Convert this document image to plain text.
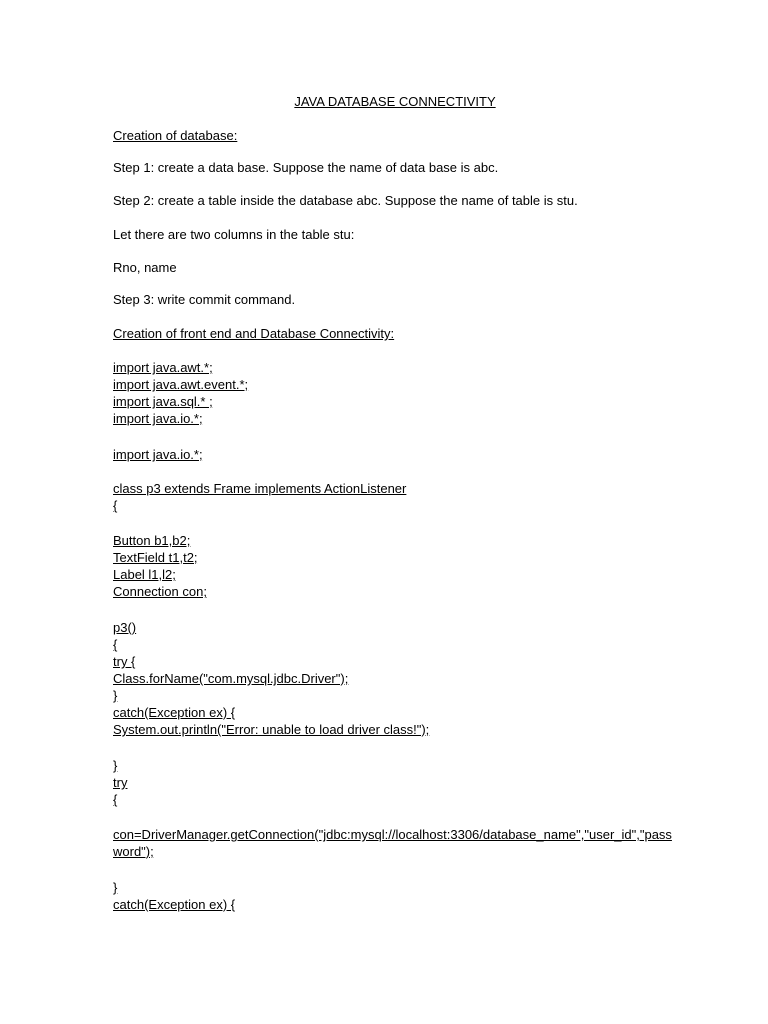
JAVA DATABASE CONNECTIVITY
Creation of database:
Step 1: create a data base. Suppose the name of data base is abc.
Step 2: create a table inside the database abc. Suppose the name of table is stu.
Let there are two columns in the table stu:
Rno, name
Step 3: write commit command.
Creation of front end and Database Connectivity:
import java.awt.*;
import java.awt.event.*;
import java.sql.* ;
import java.io.*;
import java.io.*;
class p3 extends Frame implements ActionListener
{
Button b1,b2;
TextField t1,t2;
Label l1,l2;
Connection con;
p3()
{
try {
Class.forName("com.mysql.jdbc.Driver");
}
catch(Exception ex) {
System.out.println("Error: unable to load driver class!");
}
try
{
con=DriverManager.getConnection("jdbc:mysql://localhost:3306/database_name","user_id","password");
}
catch(Exception ex) {
